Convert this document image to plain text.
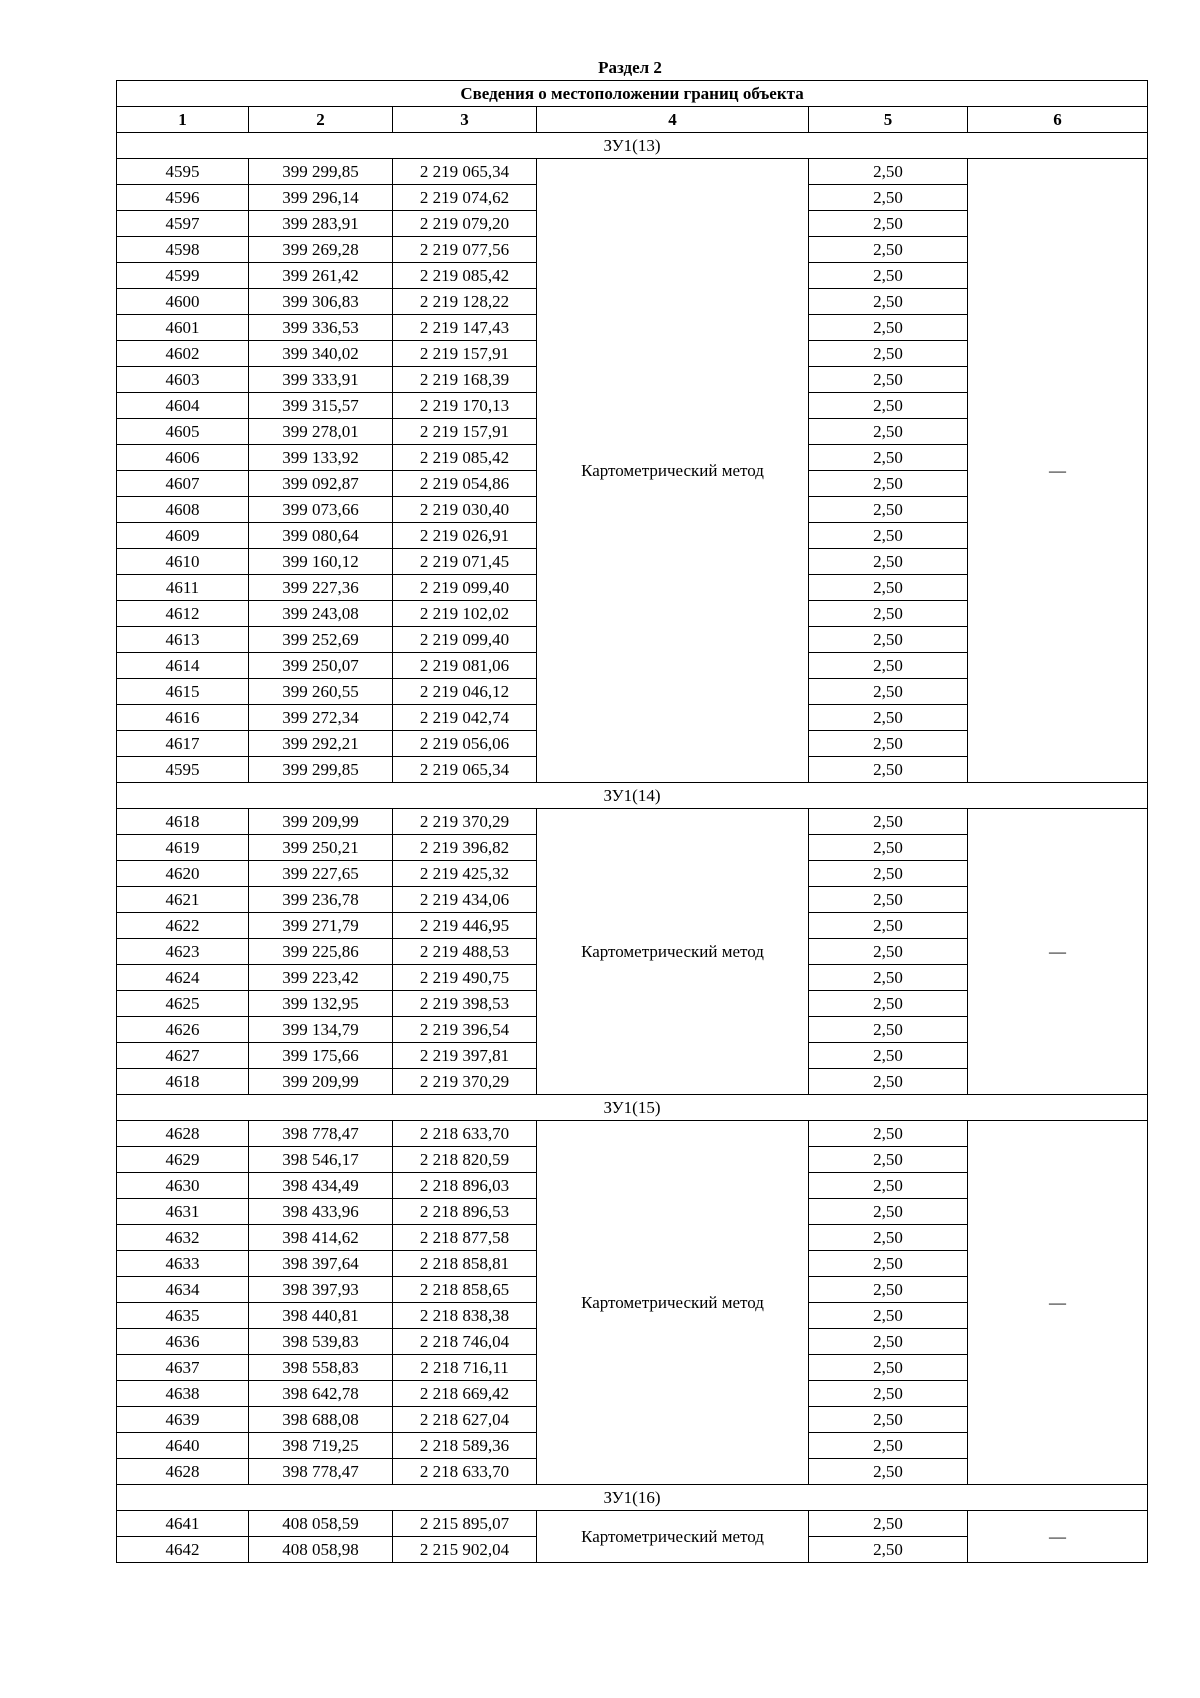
Раздел 2
Сведения о местоположении границ объекта					
1	2	3	4	5	6
ЗУ1(13)					
4595	399 299,85	2 219 065,34	Картометрический метод	2,50	—
4596	399 296,14	2 219 074,62		2,50	
4597	399 283,91	2 219 079,20		2,50	
4598	399 269,28	2 219 077,56		2,50	
4599	399 261,42	2 219 085,42		2,50	
4600	399 306,83	2 219 128,22		2,50	
4601	399 336,53	2 219 147,43		2,50	
4602	399 340,02	2 219 157,91		2,50	
4603	399 333,91	2 219 168,39		2,50	
4604	399 315,57	2 219 170,13		2,50	
4605	399 278,01	2 219 157,91		2,50	
4606	399 133,92	2 219 085,42		2,50	
4607	399 092,87	2 219 054,86		2,50	
4608	399 073,66	2 219 030,40		2,50	
4609	399 080,64	2 219 026,91		2,50	
4610	399 160,12	2 219 071,45		2,50	
4611	399 227,36	2 219 099,40		2,50	
4612	399 243,08	2 219 102,02		2,50	
4613	399 252,69	2 219 099,40		2,50	
4614	399 250,07	2 219 081,06		2,50	
4615	399 260,55	2 219 046,12		2,50	
4616	399 272,34	2 219 042,74		2,50	
4617	399 292,21	2 219 056,06		2,50	
4595	399 299,85	2 219 065,34		2,50	
ЗУ1(14)					
4618	399 209,99	2 219 370,29	Картометрический метод	2,50	—
4619	399 250,21	2 219 396,82		2,50	
4620	399 227,65	2 219 425,32		2,50	
4621	399 236,78	2 219 434,06		2,50	
4622	399 271,79	2 219 446,95		2,50	
4623	399 225,86	2 219 488,53		2,50	
4624	399 223,42	2 219 490,75		2,50	
4625	399 132,95	2 219 398,53		2,50	
4626	399 134,79	2 219 396,54		2,50	
4627	399 175,66	2 219 397,81		2,50	
4618	399 209,99	2 219 370,29		2,50	
ЗУ1(15)					
4628	398 778,47	2 218 633,70	Картометрический метод	2,50	—
4629	398 546,17	2 218 820,59		2,50	
4630	398 434,49	2 218 896,03		2,50	
4631	398 433,96	2 218 896,53		2,50	
4632	398 414,62	2 218 877,58		2,50	
4633	398 397,64	2 218 858,81		2,50	
4634	398 397,93	2 218 858,65		2,50	
4635	398 440,81	2 218 838,38		2,50	
4636	398 539,83	2 218 746,04		2,50	
4637	398 558,83	2 218 716,11		2,50	
4638	398 642,78	2 218 669,42		2,50	
4639	398 688,08	2 218 627,04		2,50	
4640	398 719,25	2 218 589,36		2,50	
4628	398 778,47	2 218 633,70		2,50	
ЗУ1(16)					
4641	408 058,59	2 215 895,07	Картометрический метод	2,50	—
4642	408 058,98	2 215 902,04		2,50	
